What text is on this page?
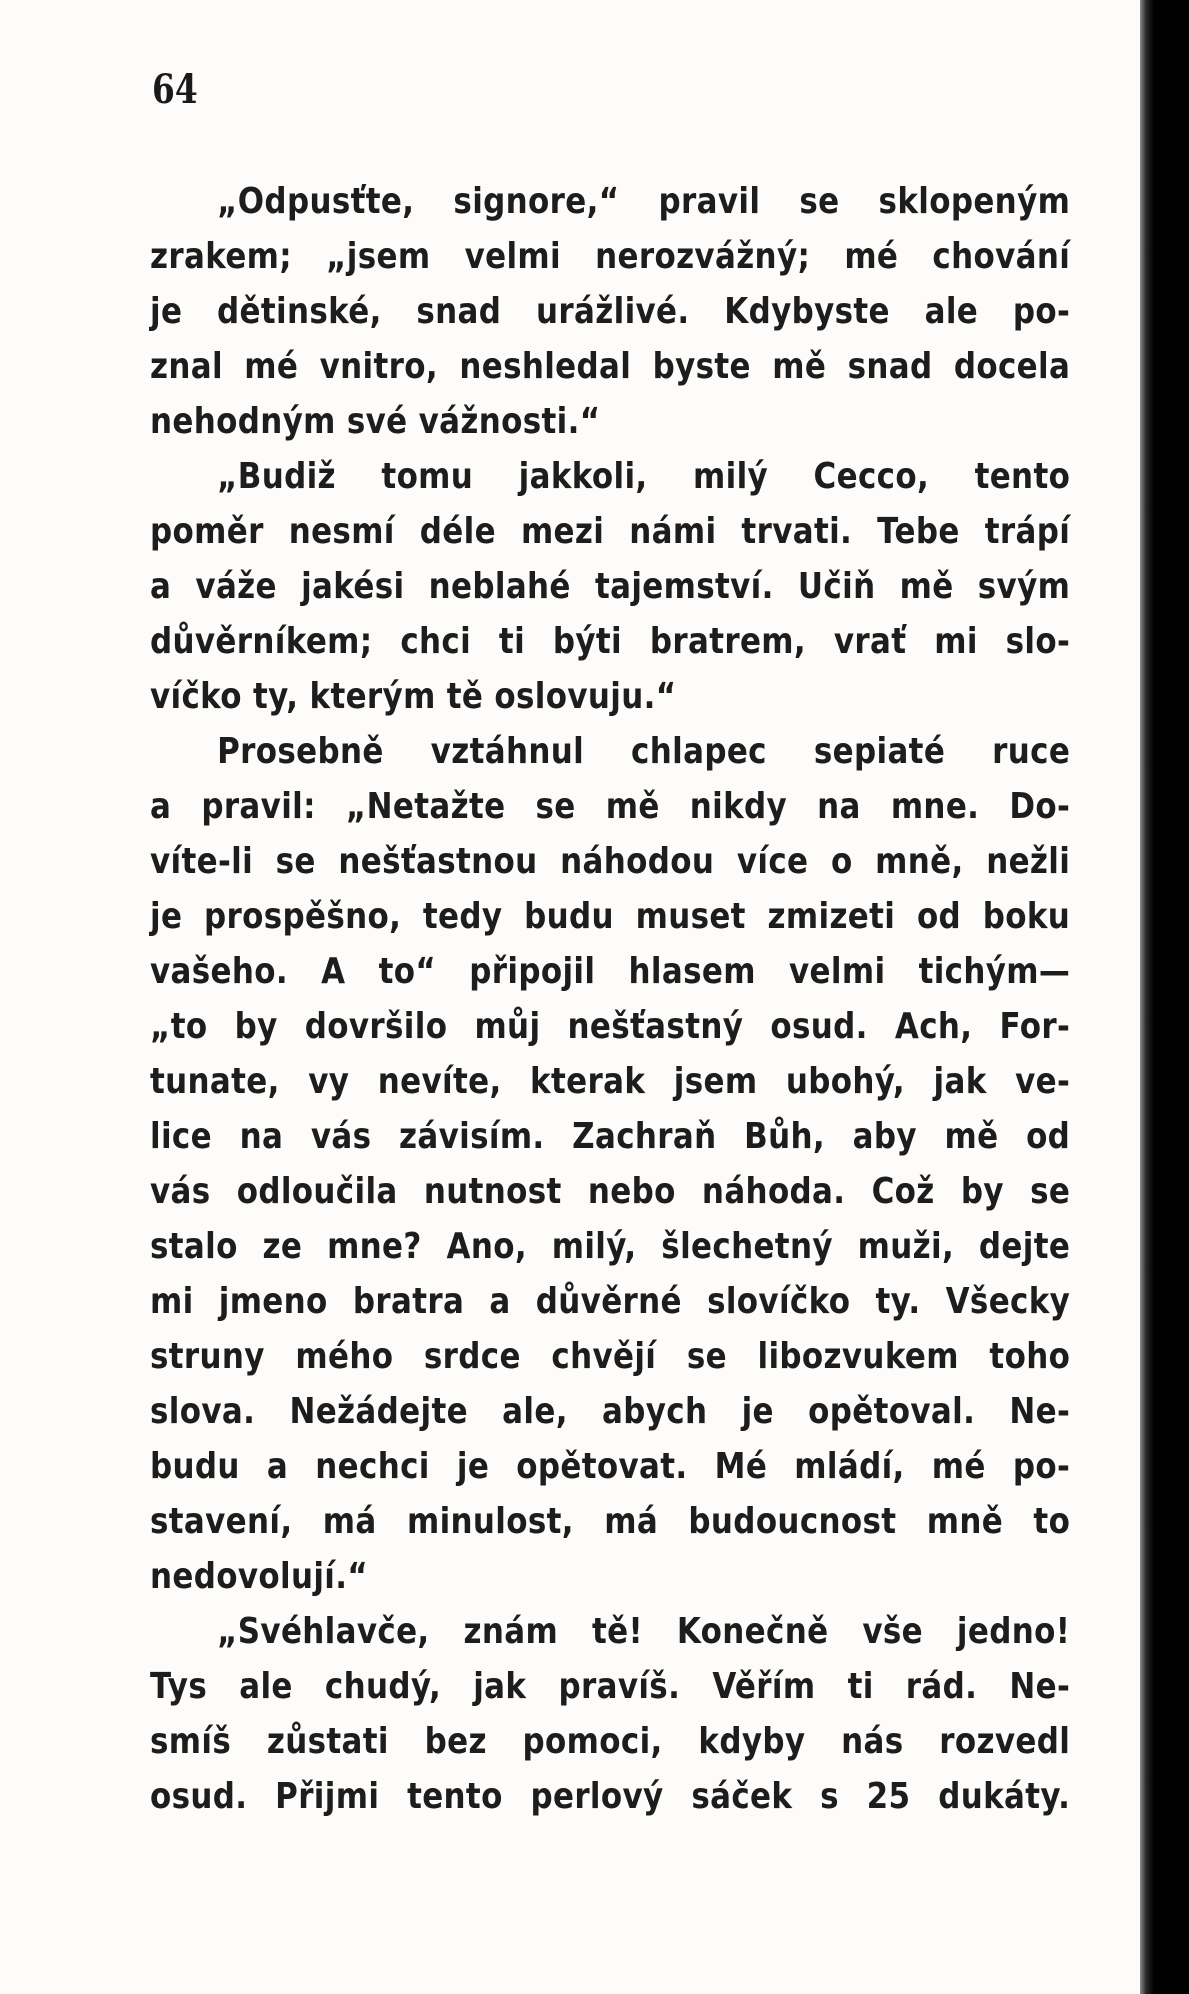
64
„Odpusťte, signore,“ pravil se sklopeným
zrakem; „jsem velmi nerozvážný; mé chování
je dětinské, snad urážlivé. Kdybyste ale po-
znal mé vnitro, neshledal byste mě snad docela
nehodným své vážnosti.“
„Budiž tomu jakkoli, milý Cecco, tento
poměr nesmí déle mezi námi trvati. Tebe trápí
a váže jakési neblahé tajemství. Učiň mě svým
důvěrníkem; chci ti býti bratrem, vrať mi slo-
víčko ty, kterým tě oslovuju.“
Prosebně vztáhnul chlapec sepiaté ruce
a pravil: „Netažte se mě nikdy na mne. Do-
víte-li se nešťastnou náhodou více o mně, nežli
je prospěšno, tedy budu muset zmizeti od boku
vašeho. A to“ připojil hlasem velmi tichým—
„to by dovršilo můj nešťastný osud. Ach, For-
tunate, vy nevíte, kterak jsem ubohý, jak ve-
lice na vás závisím. Zachraň Bůh, aby mě od
vás odloučila nutnost nebo náhoda. Což by se
stalo ze mne? Ano, milý, šlechetný muži, dejte
mi jmeno bratra a důvěrné slovíčko ty. Všecky
struny mého srdce chvějí se libozvukem toho
slova. Nežádejte ale, abych je opětoval. Ne-
budu a nechci je opětovat. Mé mládí, mé po-
stavení, má minulost, má budoucnost mně to
nedovolují.“
„Svéhlavče, znám tě! Konečně vše jedno!
Tys ale chudý, jak pravíš. Věřím ti rád. Ne-
smíš zůstati bez pomoci, kdyby nás rozvedl
osud. Přijmi tento perlový sáček s 25 dukáty.
